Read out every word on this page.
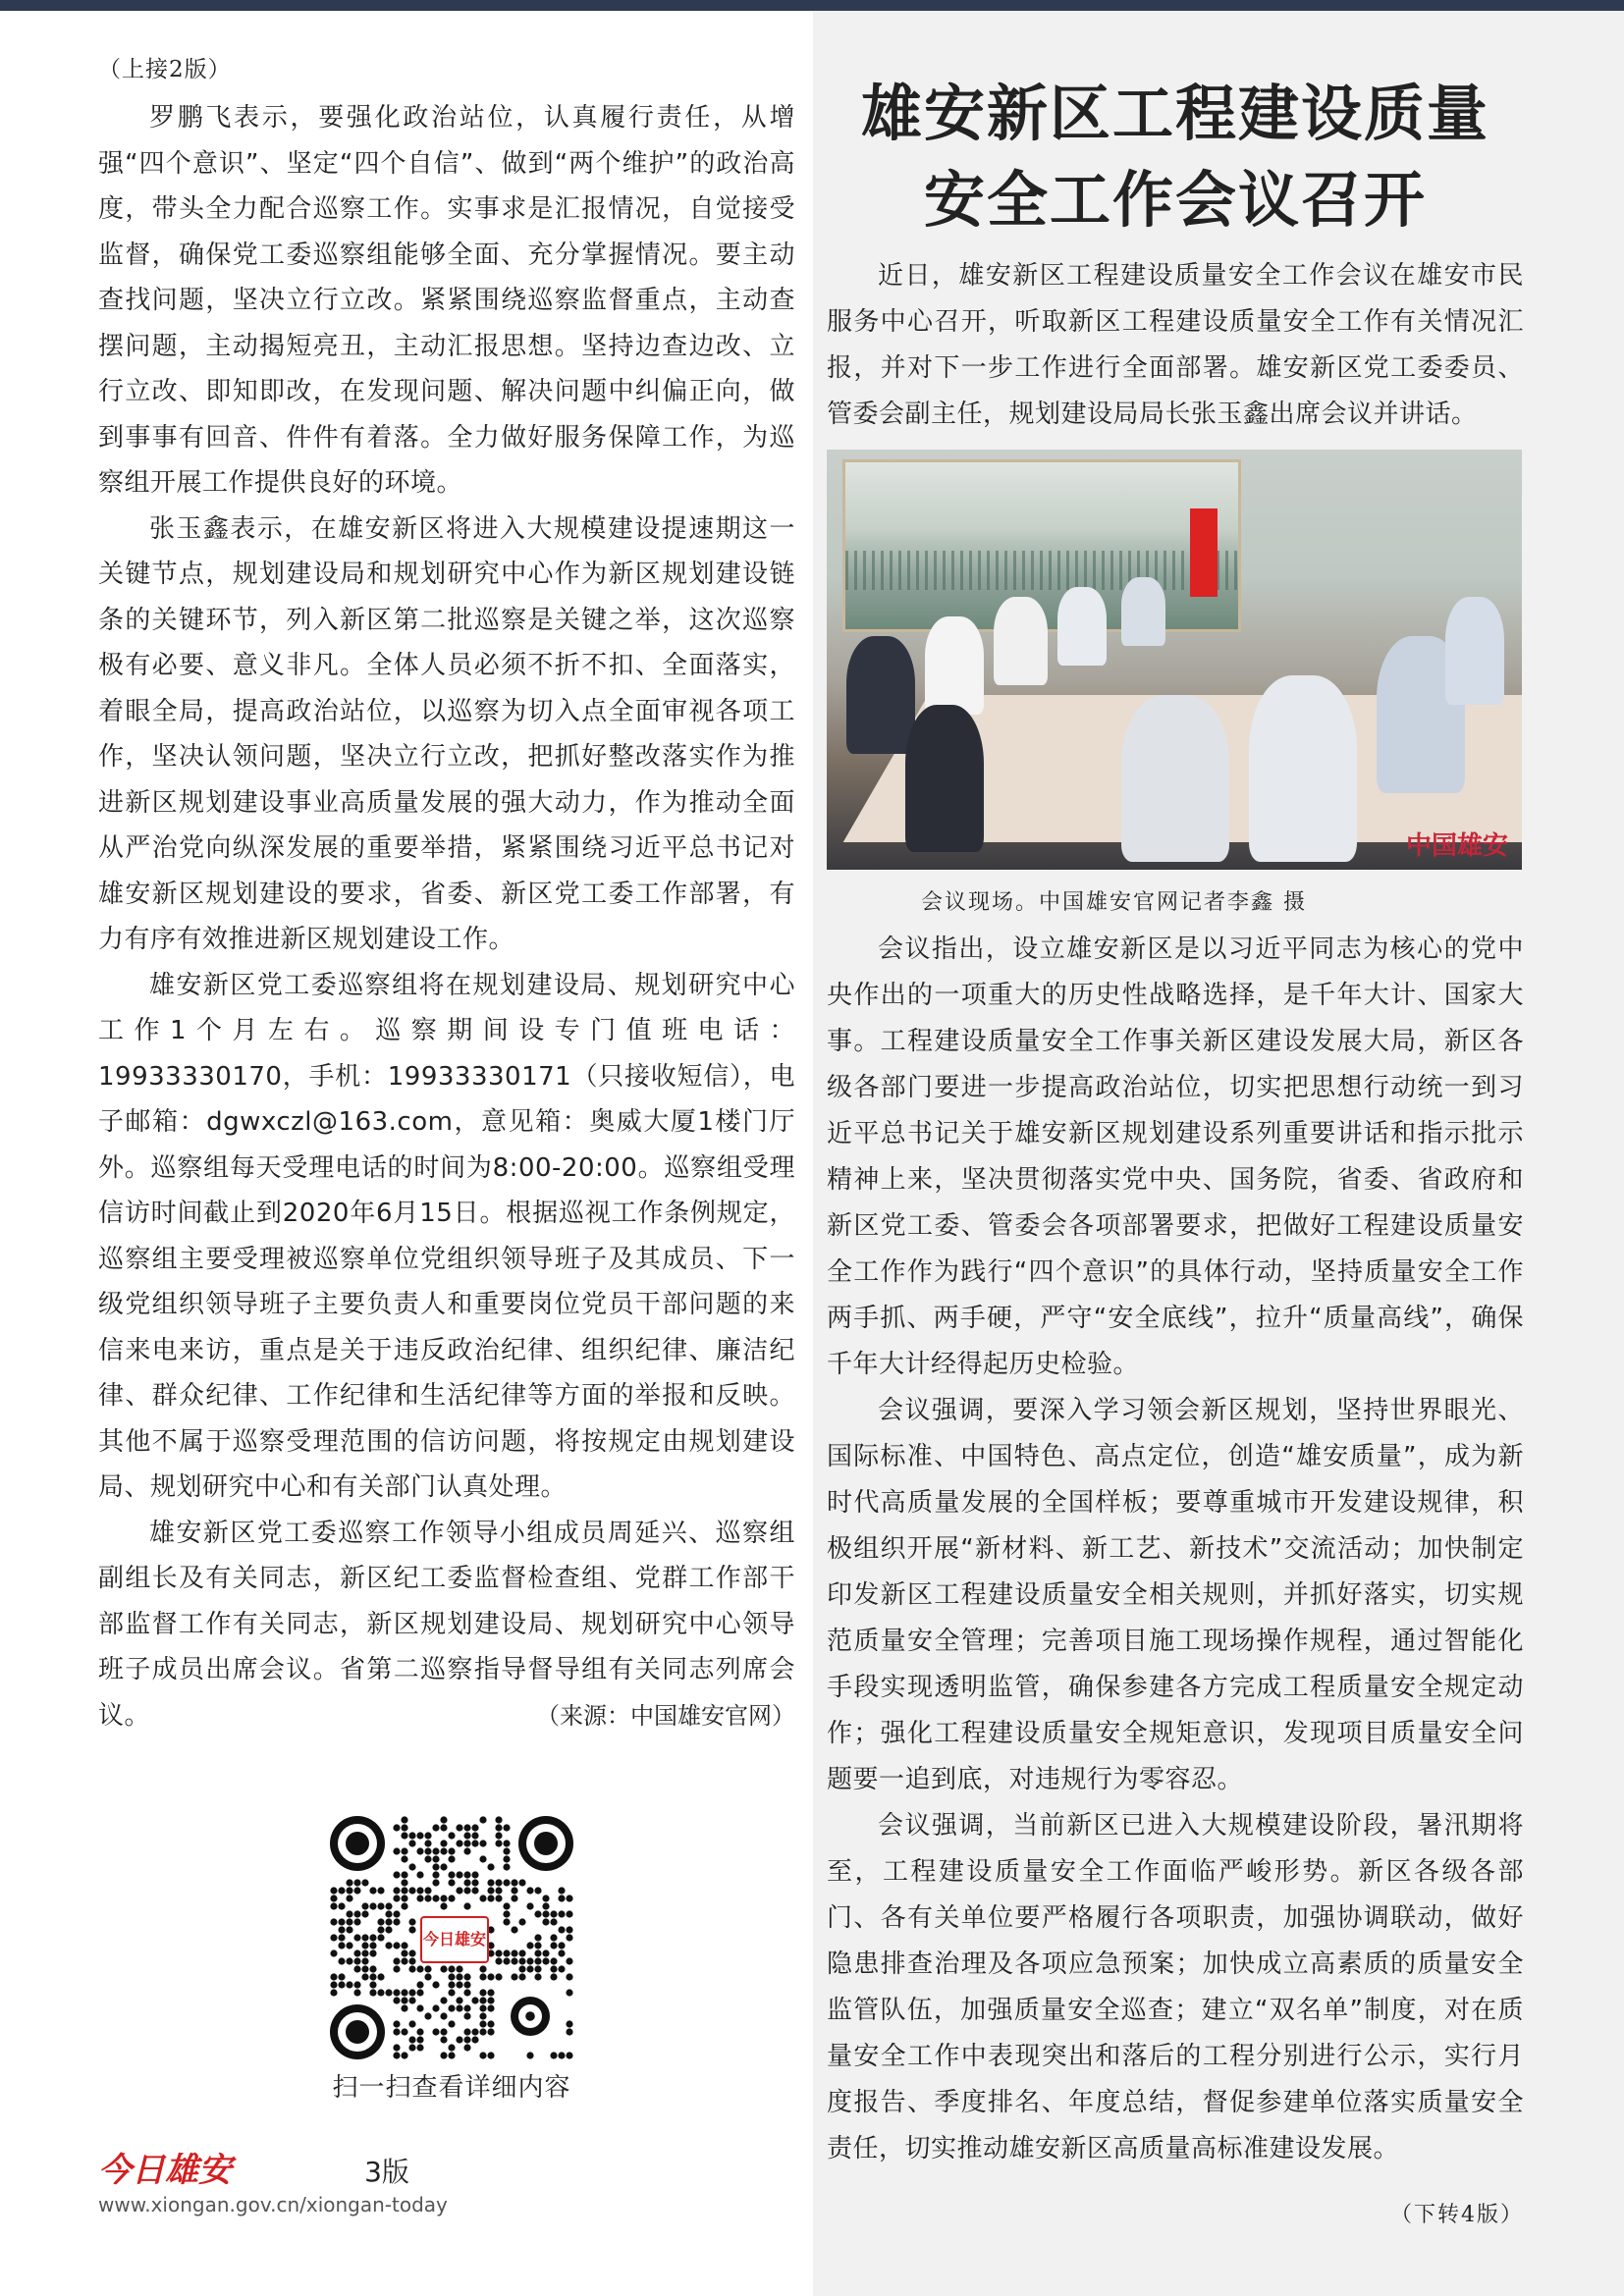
（上接2版）

罗鹏飞表示，要强化政治站位，认真履行责任，从增强“四个意识”、坚定“四个自信”、做到“两个维护”的政治高度，带头全力配合巡察工作。实事求是汇报情况，自觉接受监督，确保党工委巡察组能够全面、充分掌握情况。要主动查找问题，坚决立行立改。紧紧围绕巡察监督重点，主动查摆问题，主动揭短亮丑，主动汇报思想。坚持边查边改、立行立改、即知即改，在发现问题、解决问题中纠偏正向，做到事事有回音、件件有着落。全力做好服务保障工作，为巡察组开展工作提供良好的环境。

张玉鑫表示，在雄安新区将进入大规模建设提速期这一关键节点，规划建设局和规划研究中心作为新区规划建设链条的关键环节，列入新区第二批巡察是关键之举，这次巡察极有必要、意义非凡。全体人员必须不折不扣、全面落实，着眼全局，提高政治站位，以巡察为切入点全面审视各项工作，坚决认领问题，坚决立行立改，把抓好整改落实作为推进新区规划建设事业高质量发展的强大动力，作为推动全面从严治党向纵深发展的重要举措，紧紧围绕习近平总书记对雄安新区规划建设的要求，省委、新区党工委工作部署，有力有序有效推进新区规划建设工作。

雄安新区党工委巡察组将在规划建设局、规划研究中心工作1个月左右。巡察期间设专门值班电话：19933330170，手机：19933330171（只接收短信），电子邮箱：dgwxczl@163.com，意见箱：奥威大厦1楼门厅外。巡察组每天受理电话的时间为8:00-20:00。巡察组受理信访时间截止到2020年6月15日。根据巡视工作条例规定，巡察组主要受理被巡察单位党组织领导班子及其成员、下一级党组织领导班子主要负责人和重要岗位党员干部问题的来信来电来访，重点是关于违反政治纪律、组织纪律、廉洁纪律、群众纪律、工作纪律和生活纪律等方面的举报和反映。其他不属于巡察受理范围的信访问题，将按规定由规划建设局、规划研究中心和有关部门认真处理。

雄安新区党工委巡察工作领导小组成员周延兴、巡察组副组长及有关同志，新区纪工委监督检查组、党群工作部干部监督工作有关同志，新区规划建设局、规划研究中心领导班子成员出席会议。省第二巡察指导督导组有关同志列席会议。	（来源：中国雄安官网）
今日雄安
扫一扫查看详细内容
今日雄安	3版
www.xiongan.gov.cn/xiongan-today
雄安新区工程建设质量
安全工作会议召开

近日，雄安新区工程建设质量安全工作会议在雄安市民服务中心召开，听取新区工程建设质量安全工作有关情况汇报，并对下一步工作进行全面部署。雄安新区党工委委员、管委会副主任，规划建设局局长张玉鑫出席会议并讲话。

中国雄安
会议现场。中国雄安官网记者李鑫 摄

会议指出，设立雄安新区是以习近平同志为核心的党中央作出的一项重大的历史性战略选择，是千年大计、国家大事。工程建设质量安全工作事关新区建设发展大局，新区各级各部门要进一步提高政治站位，切实把思想行动统一到习近平总书记关于雄安新区规划建设系列重要讲话和指示批示精神上来，坚决贯彻落实党中央、国务院，省委、省政府和新区党工委、管委会各项部署要求，把做好工程建设质量安全工作作为践行“四个意识”的具体行动，坚持质量安全工作两手抓、两手硬，严守“安全底线”，拉升“质量高线”，确保千年大计经得起历史检验。

会议强调，要深入学习领会新区规划，坚持世界眼光、国际标准、中国特色、高点定位，创造“雄安质量”，成为新时代高质量发展的全国样板；要尊重城市开发建设规律，积极组织开展“新材料、新工艺、新技术”交流活动；加快制定印发新区工程建设质量安全相关规则，并抓好落实，切实规范质量安全管理；完善项目施工现场操作规程，通过智能化手段实现透明监管，确保参建各方完成工程质量安全规定动作；强化工程建设质量安全规矩意识，发现项目质量安全问题要一追到底，对违规行为零容忍。

会议强调，当前新区已进入大规模建设阶段，暑汛期将至，工程建设质量安全工作面临严峻形势。新区各级各部门、各有关单位要严格履行各项职责，加强协调联动，做好隐患排查治理及各项应急预案；加快成立高素质的质量安全监管队伍，加强质量安全巡查；建立“双名单”制度，对在质量安全工作中表现突出和落后的工程分别进行公示，实行月度报告、季度排名、年度总结，督促参建单位落实质量安全责任，切实推动雄安新区高质量高标准建设发展。

（下转4版）
